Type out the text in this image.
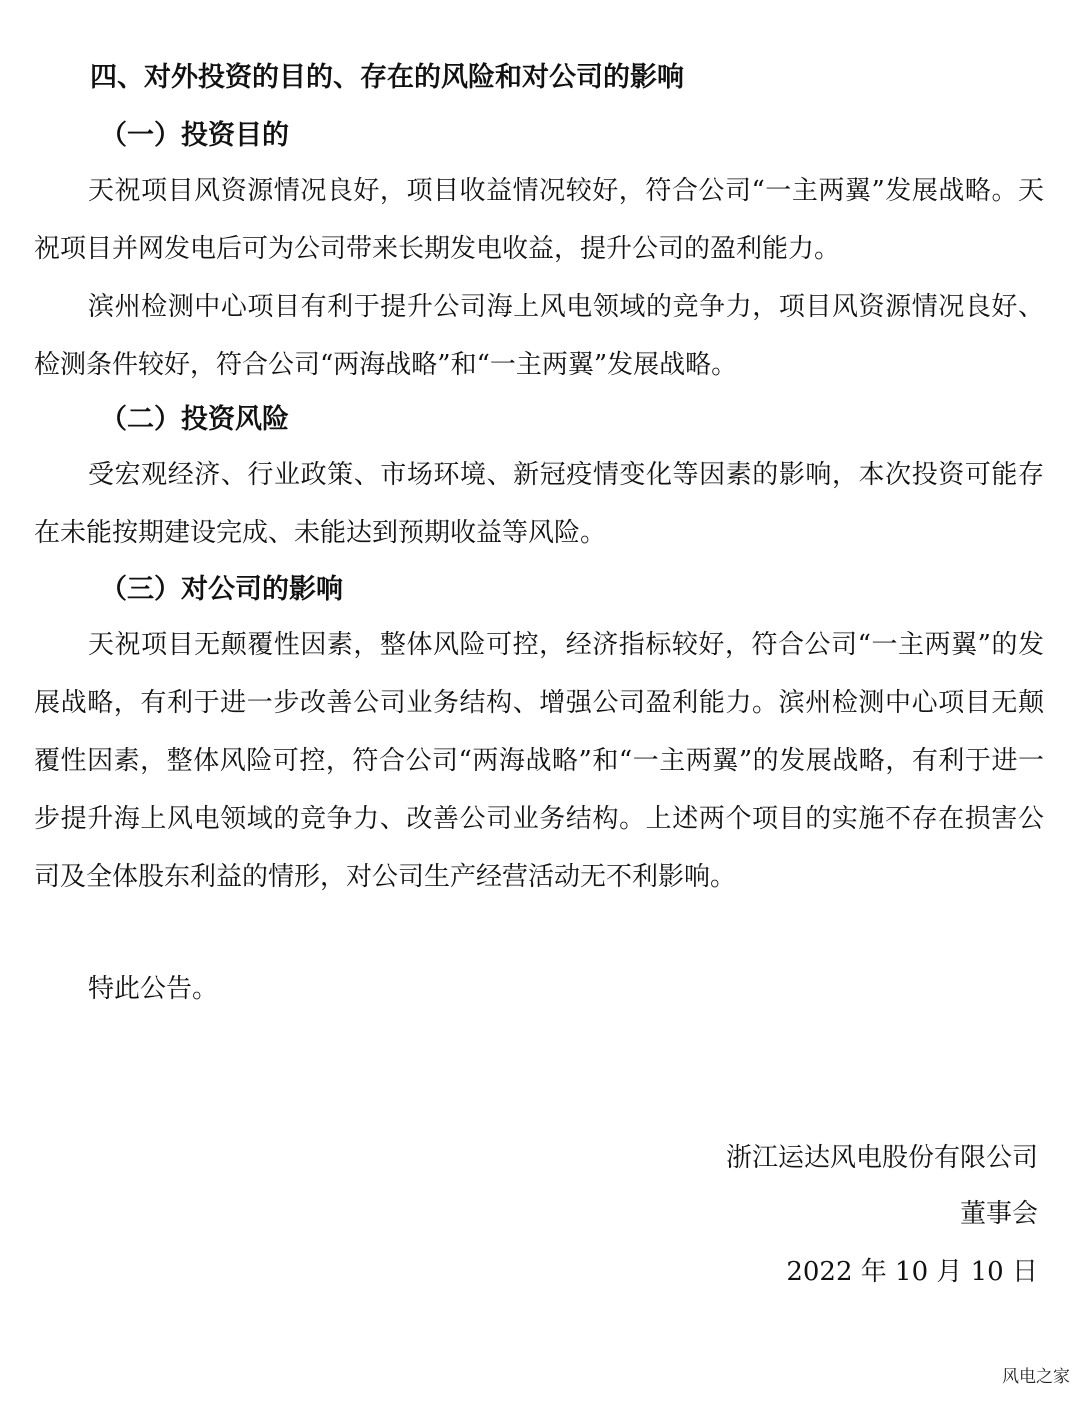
四、对外投资的目的、存在的风险和对公司的影响
（一）投资目的

天祝项目风资源情况良好，项目收益情况较好，符合公司“一主两翼”发展战略。天祝项目并网发电后可为公司带来长期发电收益，提升公司的盈利能力。

滨州检测中心项目有利于提升公司海上风电领域的竞争力，项目风资源情况良好、检测条件较好，符合公司“两海战略”和“一主两翼”发展战略。

（二）投资风险

受宏观经济、行业政策、市场环境、新冠疫情变化等因素的影响，本次投资可能存在未能按期建设完成、未能达到预期收益等风险。

（三）对公司的影响

天祝项目无颠覆性因素，整体风险可控，经济指标较好，符合公司“一主两翼”的发展战略，有利于进一步改善公司业务结构、增强公司盈利能力。滨州检测中心项目无颠覆性因素，整体风险可控，符合公司“两海战略”和“一主两翼”的发展战略，有利于进一步提升海上风电领域的竞争力、改善公司业务结构。上述两个项目的实施不存在损害公司及全体股东利益的情形，对公司生产经营活动无不利影响。

特此公告。

浙江运达风电股份有限公司

董事会

2022 年 10 月 10 日

风电之家
